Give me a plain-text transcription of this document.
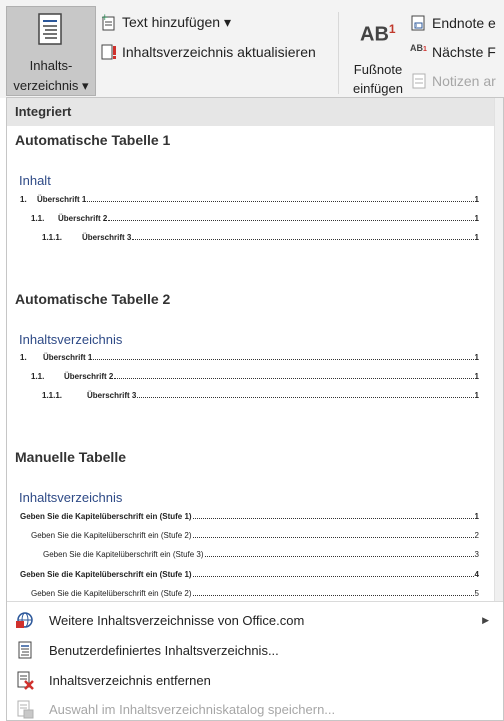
Inhalts-
verzeichnis ▾
+ Text hinzufügen ▾
Inhaltsverzeichnis aktualisieren
$AB^1$
Fußnote
einfügen
i Endnote e
AB1 Nächste F
Notizen ar
Integriert
Automatische Tabelle 1
Inhalt
1.	Überschrift 1	1
1.1.	Überschrift 2	1
1.1.1.	Überschrift 3	1
Automatische Tabelle 2
Inhaltsverzeichnis
1.	Überschrift 1	1
1.1.	Überschrift 2	1
1.1.1.	Überschrift 3	1
Manuelle Tabelle
Inhaltsverzeichnis
Geben Sie die Kapitelüberschrift ein (Stufe 1)	1
Geben Sie die Kapitelüberschrift ein (Stufe 2)	2
Geben Sie die Kapitelüberschrift ein (Stufe 3)	3
Geben Sie die Kapitelüberschrift ein (Stufe 1)	4
Geben Sie die Kapitelüberschrift ein (Stufe 2)	5
Weitere Inhaltsverzeichnisse von Office.com	▶
Benutzerdefiniertes Inhaltsverzeichnis...
Inhaltsverzeichnis entfernen
Auswahl im Inhaltsverzeichniskatalog speichern...
